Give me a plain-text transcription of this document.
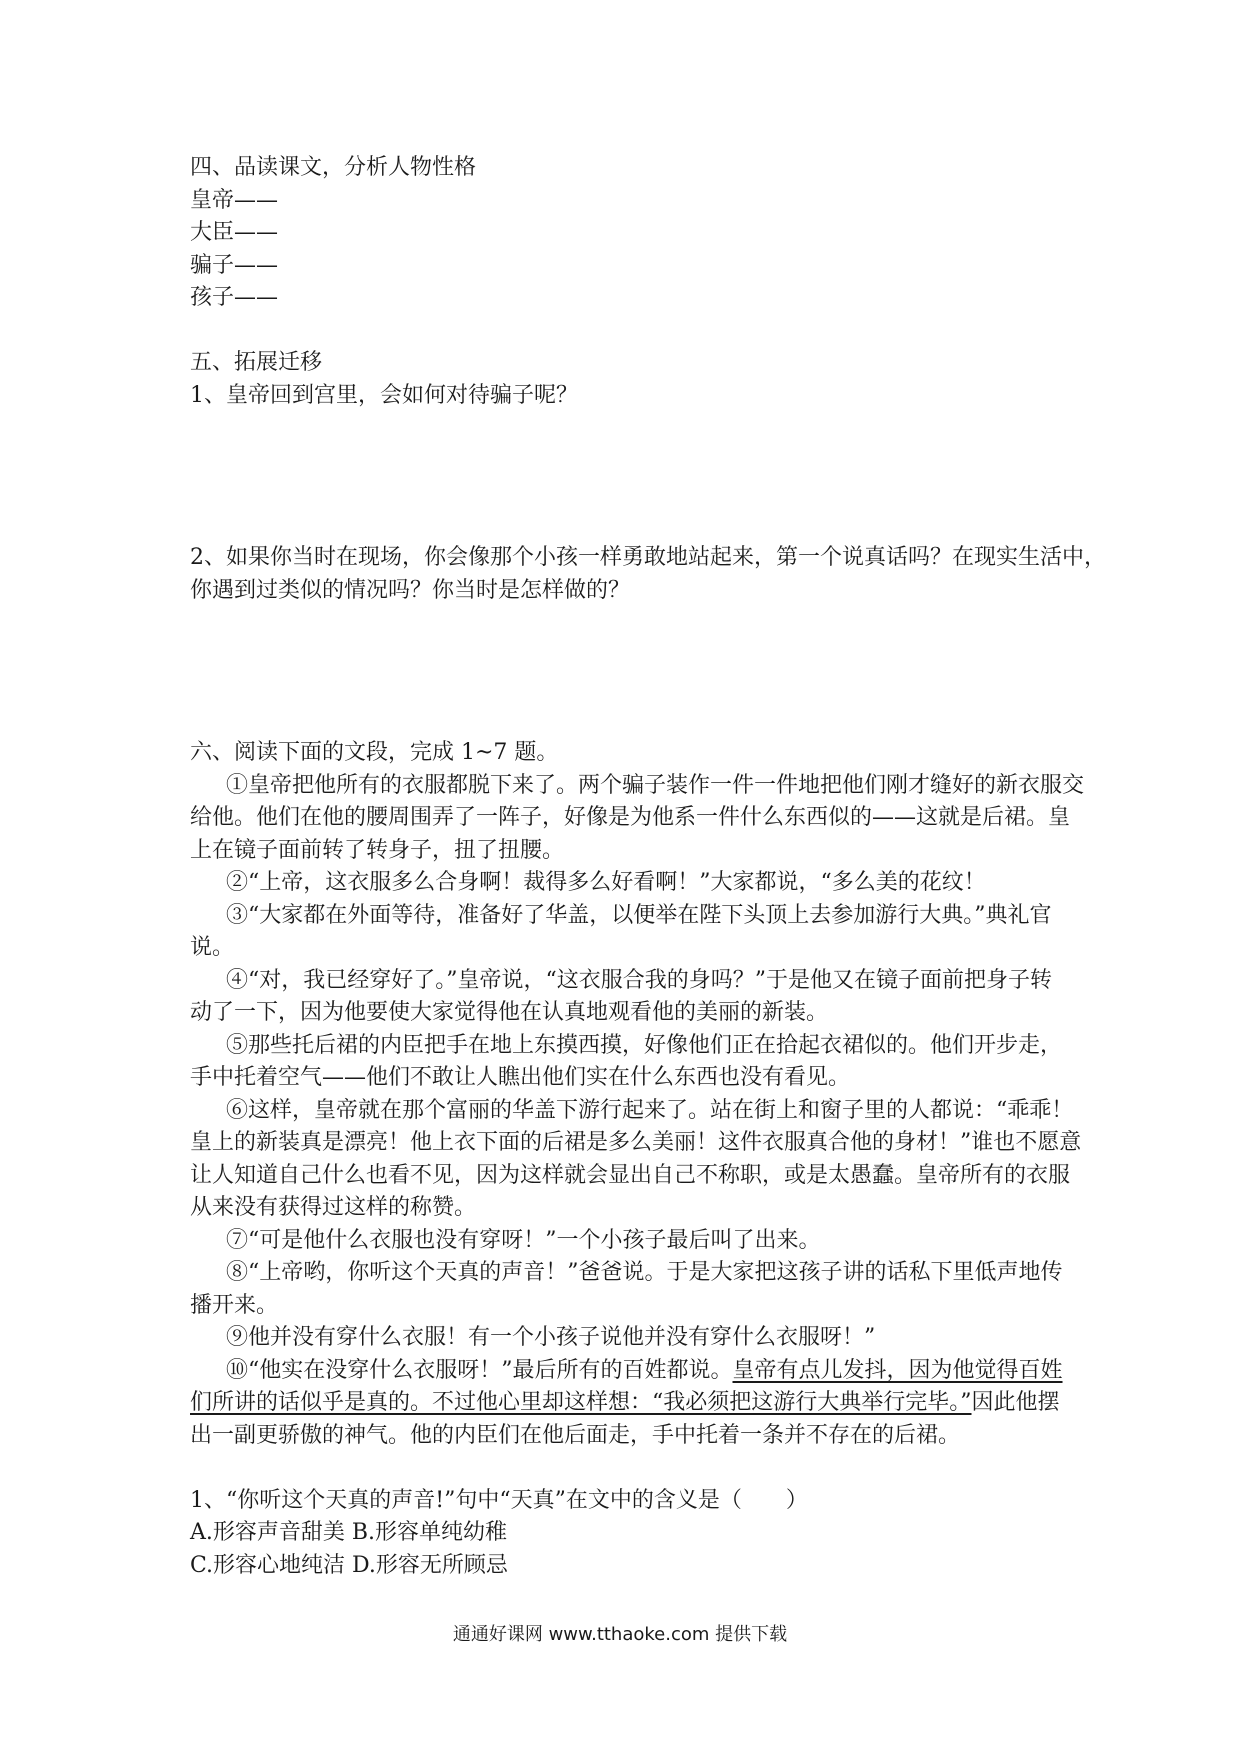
四、品读课文，分析人物性格
皇帝——
大臣——
骗子——
孩子——
五、拓展迁移
1、皇帝回到宫里，会如何对待骗子呢？
2、如果你当时在现场，你会像那个小孩一样勇敢地站起来，第一个说真话吗？在现实生活中，
你遇到过类似的情况吗？你当时是怎样做的？
六、阅读下面的文段，完成 1~7 题。
①皇帝把他所有的衣服都脱下来了。两个骗子装作一件一件地把他们刚才缝好的新衣服交
给他。他们在他的腰周围弄了一阵子，好像是为他系一件什么东西似的——这就是后裙。皇
上在镜子面前转了转身子，扭了扭腰。
②“上帝，这衣服多么合身啊！裁得多么好看啊！”大家都说，“多么美的花纹！
③“大家都在外面等待，准备好了华盖，以便举在陛下头顶上去参加游行大典。”典礼官
说。
④“对，我已经穿好了。”皇帝说，“这衣服合我的身吗？”于是他又在镜子面前把身子转
动了一下，因为他要使大家觉得他在认真地观看他的美丽的新装。
⑤那些托后裙的内臣把手在地上东摸西摸，好像他们正在拾起衣裙似的。他们开步走，
手中托着空气——他们不敢让人瞧出他们实在什么东西也没有看见。
⑥这样，皇帝就在那个富丽的华盖下游行起来了。站在街上和窗子里的人都说：“乖乖！
皇上的新装真是漂亮！他上衣下面的后裙是多么美丽！这件衣服真合他的身材！”谁也不愿意
让人知道自己什么也看不见，因为这样就会显出自己不称职，或是太愚蠢。皇帝所有的衣服
从来没有获得过这样的称赞。
⑦“可是他什么衣服也没有穿呀！”一个小孩子最后叫了出来。
⑧“上帝哟，你听这个天真的声音！”爸爸说。于是大家把这孩子讲的话私下里低声地传
播开来。
⑨他并没有穿什么衣服！有一个小孩子说他并没有穿什么衣服呀！”
⑩“他实在没穿什么衣服呀！”最后所有的百姓都说。皇帝有点儿发抖，因为他觉得百姓
们所讲的话似乎是真的。不过他心里却这样想：“我必须把这游行大典举行完毕。”因此他摆
出一副更骄傲的神气。他的内臣们在他后面走，手中托着一条并不存在的后裙。
1、“你听这个天真的声音!”句中“天真”在文中的含义是（　　）
A.形容声音甜美 B.形容单纯幼稚
C.形容心地纯洁 D.形容无所顾忌
通通好课网 www.tthaoke.com 提供下载
